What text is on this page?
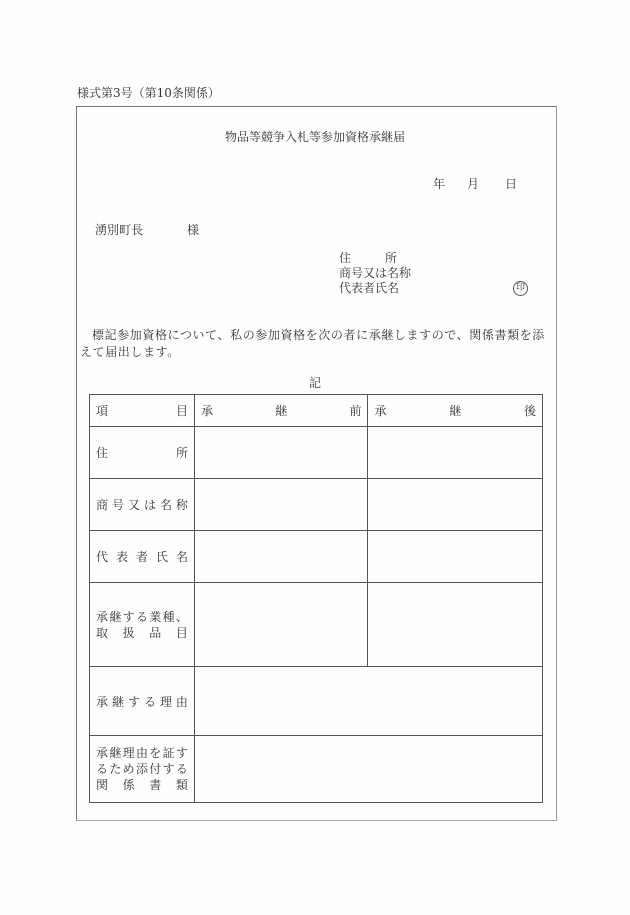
様式第3号（第10条関係）
物品等競争入札等参加資格承継届
年	月	日
湧別町長	様
住	所
商号又は名称
代表者氏名	印
標記参加資格について、私の参加資格を次の者に承継しますので、関係書類を添えて届出します。
記
項 目	承 継 前	承 継 後

住 所		

商 号 又 は 名 称

代 表 者 氏 名		

承 継 す る 業 種 、
取 扱 品 目

承 継 す る 理 由

承 継 理 由 を 証 す
る た め 添 付 す る
関 係 書 類
